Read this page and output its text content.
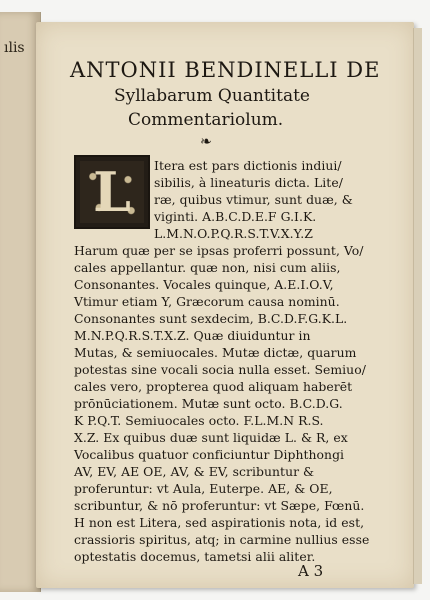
ılis
ANTONII BENDINELLI DE
Syllabarum Quantitate
Commentariolum.
❧
L	Itera est pars dictionis indiui/
sibilis, à lineaturis dicta. Lite/
ræ, quibus vtimur, sunt duæ, &
viginti. A.B.C.D.E.F G.I.K.
L.M.N.O.P.Q.R.S.T.V.X.Y.Z
Harum quæ per se ipsas proferri possunt, Vo/
cales appellantur. quæ non, nisi cum aliis,
Consonantes. Vocales quinque, A.E.I.O.V,
Vtimur etiam Y, Græcorum causa nominū.
Consonantes sunt sexdecim, B.C.D.F.G.K.L.
M.N.P.Q.R.S.T.X.Z. Quæ diuiduntur in
Mutas, & semiuocales. Mutæ dictæ, quarum
potestas sine vocali socia nulla esset. Semiuo/
cales vero, propterea quod aliquam haberēt
prōnūciationem. Mutæ sunt octo. B.C.D.G.
K P.Q.T. Semiuocales octo. F.L.M.N R.S.
X.Z. Ex quibus duæ sunt liquidæ L. & R, ex
Vocalibus quatuor conficiuntur Diphthongi
AV, EV, AE OE, AV, & EV, scribuntur &
proferuntur: vt Aula, Euterpe. AE, & OE,
scribuntur, & nō proferuntur: vt Sæpe, Fœnū.
H non est Litera, sed aspirationis nota, id est,
crassioris spiritus, atq; in carmine nullius esse
optestatis docemus, tametsi alii aliter.
A 3
